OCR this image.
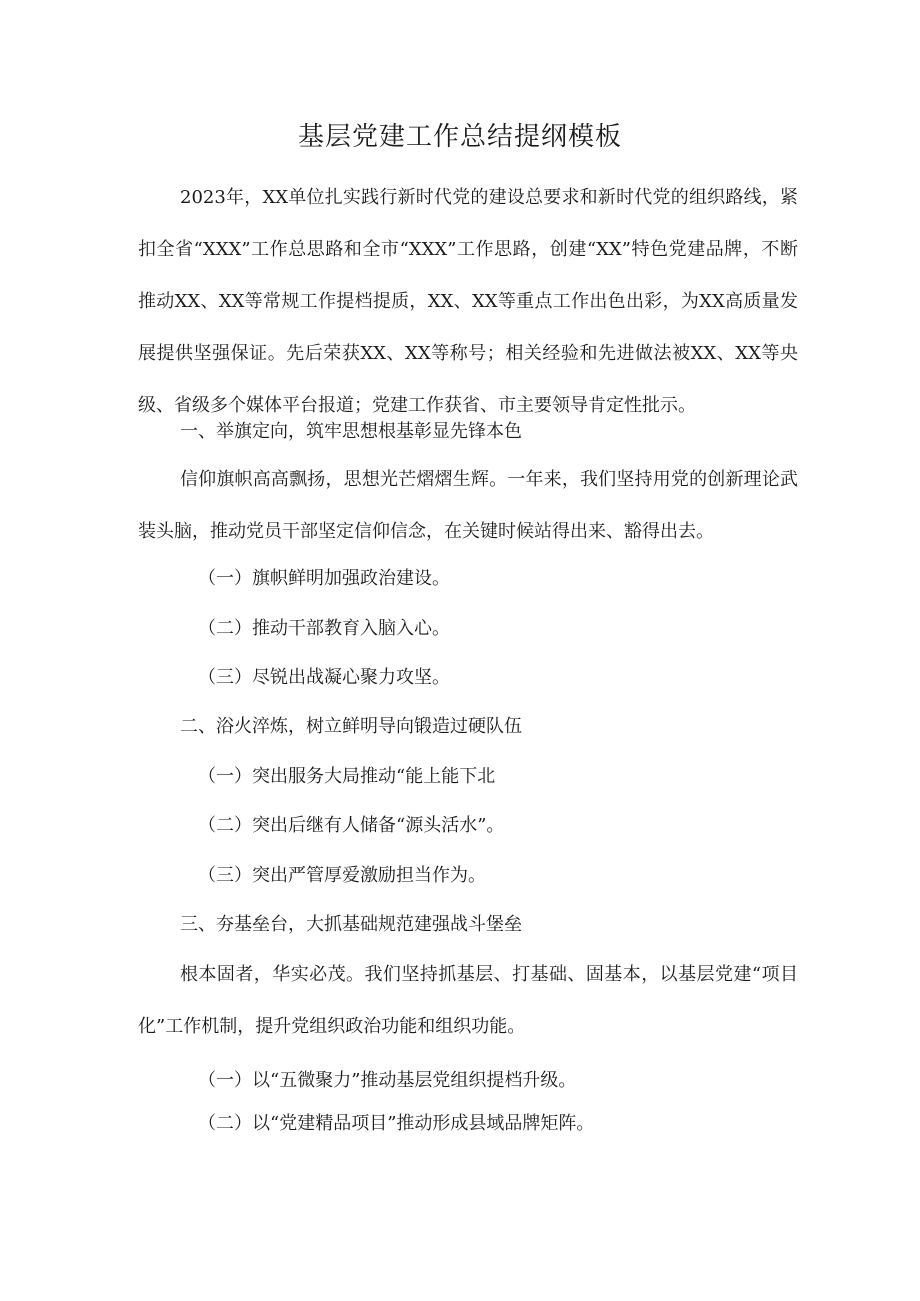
基层党建工作总结提纲模板
2023年，XX单位扎实践行新时代党的建设总要求和新时代党的组织路线，紧扣全省“XXX”工作总思路和全市“XXX”工作思路，创建“XX”特色党建品牌，不断推动XX、XX等常规工作提档提质，XX、XX等重点工作出色出彩，为XX高质量发展提供坚强保证。先后荣获XX、XX等称号；相关经验和先进做法被XX、XX等央级、省级多个媒体平台报道；党建工作获省、市主要领导肯定性批示。
一、举旗定向，筑牢思想根基彰显先锋本色
信仰旗帜高高飘扬，思想光芒熠熠生辉。一年来，我们坚持用党的创新理论武装头脑，推动党员干部坚定信仰信念，在关键时候站得出来、豁得出去。
（一）旗帜鲜明加强政治建设。
（二）推动干部教育入脑入心。
（三）尽锐出战凝心聚力攻坚。
二、浴火淬炼，树立鲜明导向锻造过硬队伍
（一）突出服务大局推动“能上能下北
（二）突出后继有人储备“源头活水”。
（三）突出严管厚爱激励担当作为。
三、夯基垒台，大抓基础规范建强战斗堡垒
根本固者，华实必茂。我们坚持抓基层、打基础、固基本，以基层党建“项目化”工作机制，提升党组织政治功能和组织功能。
（一）以“五微聚力”推动基层党组织提档升级。
（二）以“党建精品项目”推动形成县域品牌矩阵。
